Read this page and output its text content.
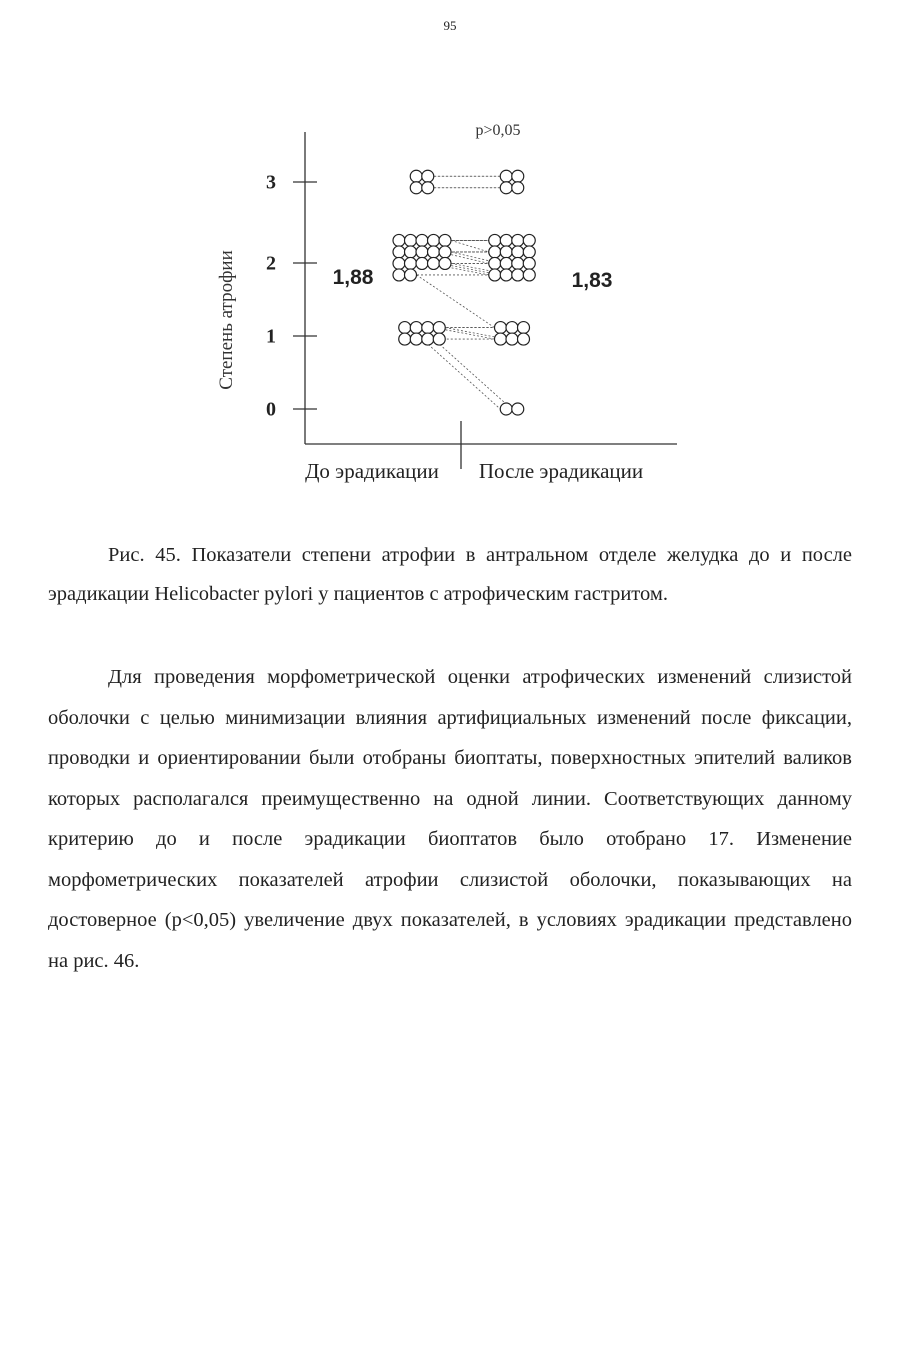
95
3
2
1
0
Степень атрофии
p>0,05
1,88	1,83
До эрадикации После эрадикации

Рис. 45. Показатели степени атрофии в антральном отделе желудка до и после эрадикации Helicobacter pylori у пациентов с атрофическим гастритом.

Для проведения морфометрической оценки атрофических изменений слизистой оболочки с целью минимизации влияния артифициальных изменений после фиксации, проводки и ориентировании были отобраны биоптаты, поверхностных эпителий валиков которых располагался преимущественно на одной линии. Соответствующих данному критерию до и после эрадикации биоптатов было отобрано 17. Изменение морфометрических показателей атрофии слизистой оболочки, показывающих на достоверное (p<0,05) увеличение двух показателей, в условиях эрадикации представлено на рис. 46.
